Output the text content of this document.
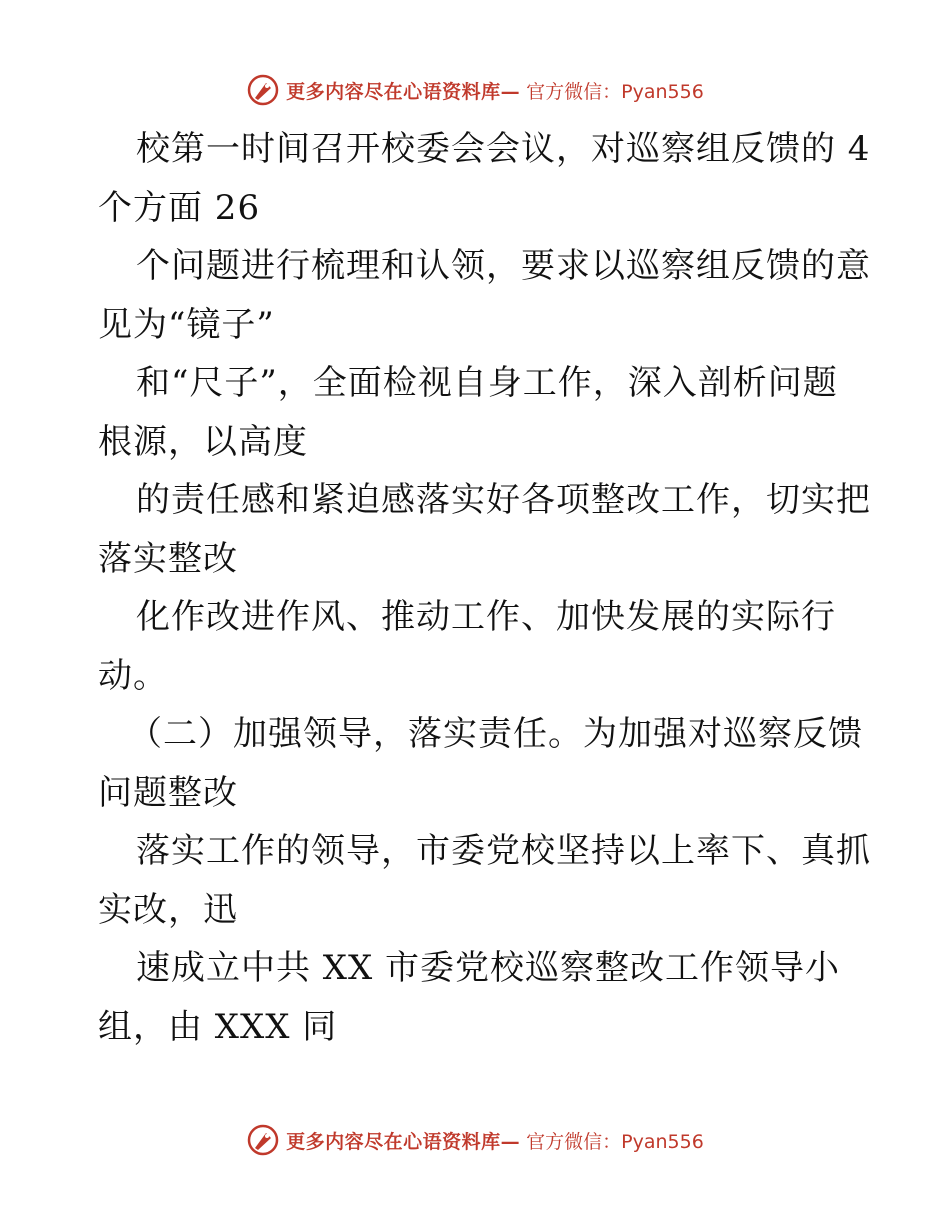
更多内容尽在心语资料库— 官方微信：Pyan556
校第一时间召开校委会会议，对巡察组反馈的 4
个方面 26
个问题进行梳理和认领，要求以巡察组反馈的意
见为“镜子”
和“尺子”，全面检视自身工作，深入剖析问题
根源，以高度
的责任感和紧迫感落实好各项整改工作，切实把
落实整改
化作改进作风、推动工作、加快发展的实际行
动。
（二）加强领导，落实责任。为加强对巡察反馈
问题整改
落实工作的领导，市委党校坚持以上率下、真抓
实改，迅
速成立中共 XX 市委党校巡察整改工作领导小
组，由 XXX 同
更多内容尽在心语资料库— 官方微信：Pyan556
